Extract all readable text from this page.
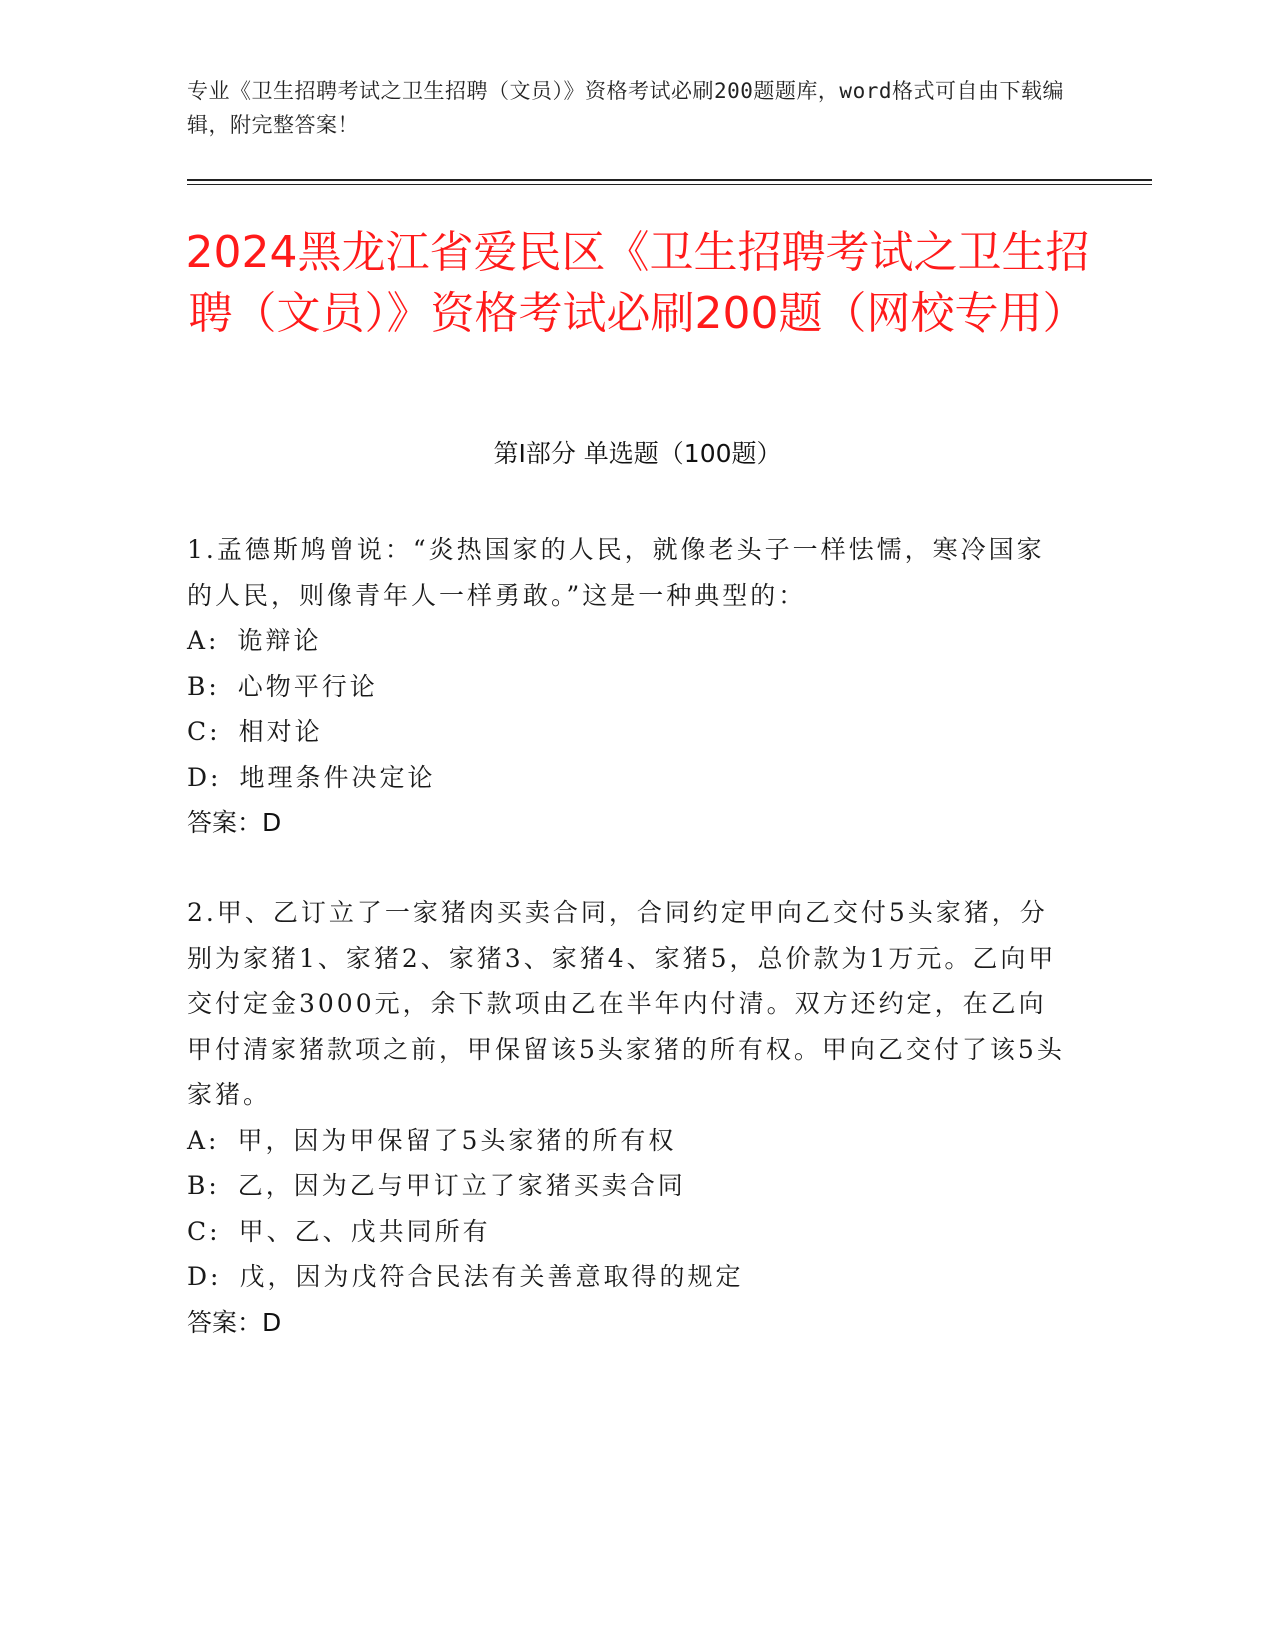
专业《卫生招聘考试之卫生招聘（文员）》资格考试必刷200题题库，word格式可自由下载编辑，附完整答案！
2024黑龙江省爱民区《卫生招聘考试之卫生招聘（文员）》资格考试必刷200题（网校专用）
第Ⅰ部分 单选题（100题）

1.孟德斯鸠曾说：“炎热国家的人民，就像老头子一样怯懦，寒冷国家的人民，则像青年人一样勇敢。”这是一种典型的：

A: 诡辩论

B: 心物平行论

C: 相对论

D: 地理条件决定论

答案：D

2.甲、乙订立了一家猪肉买卖合同，合同约定甲向乙交付5头家猪，分别为家猪1、家猪2、家猪3、家猪4、家猪5，总价款为1万元。乙向甲交付定金3000元，余下款项由乙在半年内付清。双方还约定，在乙向甲付清家猪款项之前，甲保留该5头家猪的所有权。甲向乙交付了该5头家猪。

A: 甲，因为甲保留了5头家猪的所有权

B: 乙，因为乙与甲订立了家猪买卖合同

C: 甲、乙、戊共同所有

D: 戊，因为戊符合民法有关善意取得的规定

答案：D
